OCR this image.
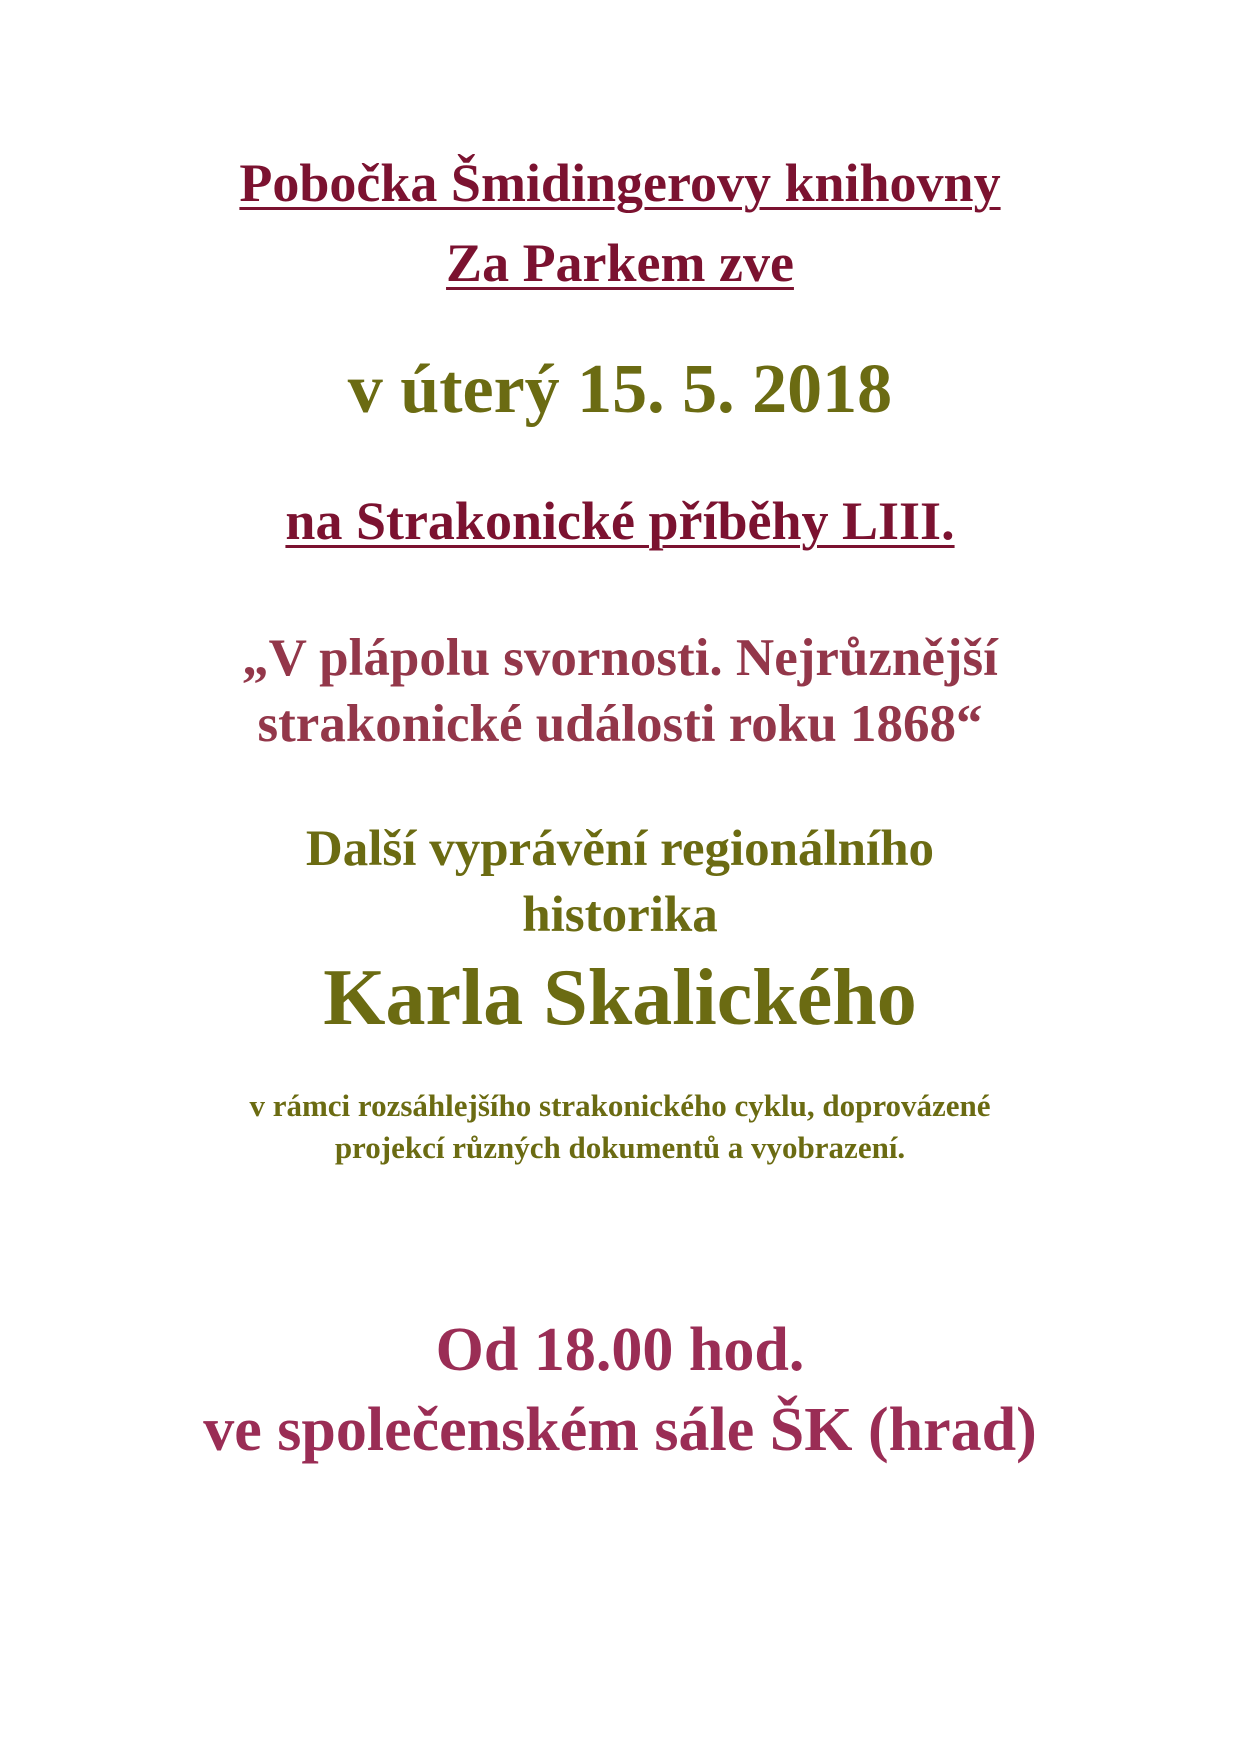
Pobočka Šmidingerovy knihovny

Za Parkem zve

v úterý 15. 5. 2018

na Strakonické příběhy LIII.

„V plápolu svornosti. Nejrůznější

strakonické události roku 1868“

Další vyprávění regionálního

historika

Karla Skalického

v rámci rozsáhlejšího strakonického cyklu, doprovázené

projekcí různých dokumentů a vyobrazení.

Od 18.00 hod.

ve společenském sále ŠK (hrad)
